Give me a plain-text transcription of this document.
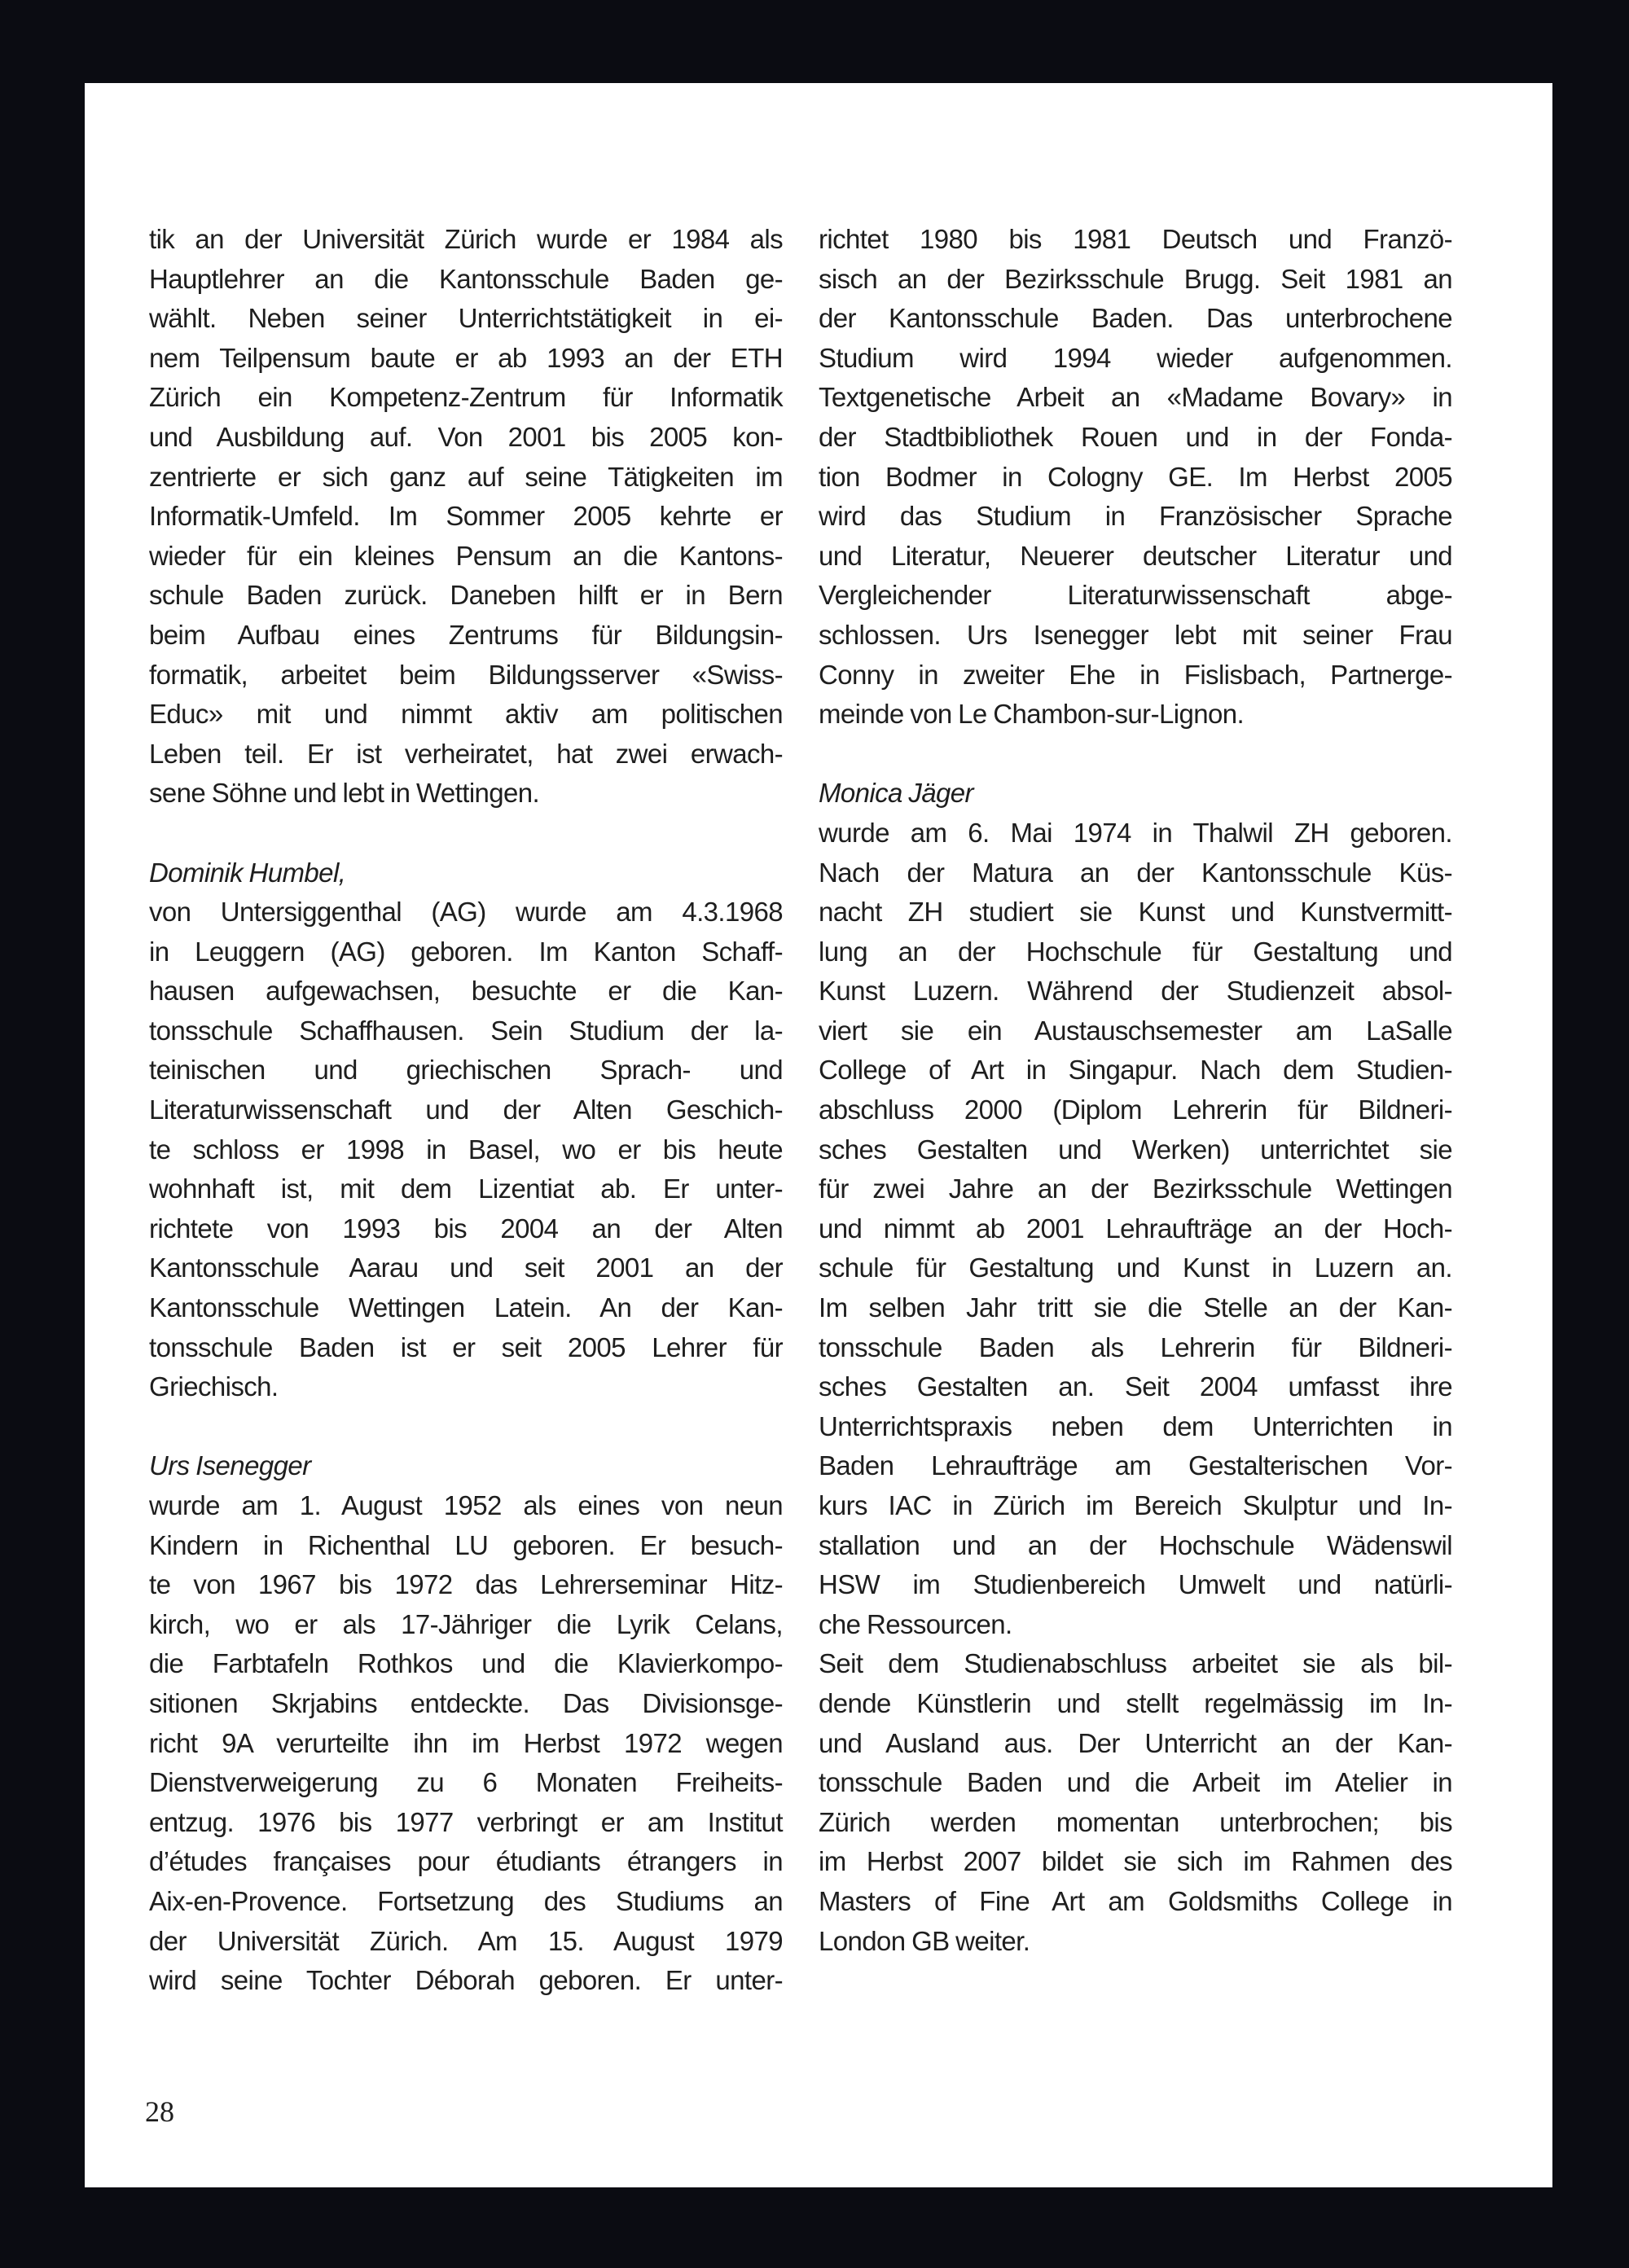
tik an der Universität Zürich wurde er 1984 als
Hauptlehrer an die Kantonsschule Baden ge-
wählt. Neben seiner Unterrichtstätigkeit in ei-
nem Teilpensum baute er ab 1993 an der ETH
Zürich ein Kompetenz-Zentrum für Informatik
und Ausbildung auf. Von 2001 bis 2005 kon-
zentrierte er sich ganz auf seine Tätigkeiten im
Informatik-Umfeld. Im Sommer 2005 kehrte er
wieder für ein kleines Pensum an die Kantons-
schule Baden zurück. Daneben hilft er in Bern
beim Aufbau eines Zentrums für Bildungsin-
formatik, arbeitet beim Bildungsserver «Swiss-
Educ» mit und nimmt aktiv am politischen
Leben teil. Er ist verheiratet, hat zwei erwach-
sene Söhne und lebt in Wettingen.
Dominik Humbel,
von Untersiggenthal (AG) wurde am 4.3.1968
in Leuggern (AG) geboren. Im Kanton Schaff-
hausen aufgewachsen, besuchte er die Kan-
tonsschule Schaffhausen. Sein Studium der la-
teinischen und griechischen Sprach- und
Literaturwissenschaft und der Alten Geschich-
te schloss er 1998 in Basel, wo er bis heute
wohnhaft ist, mit dem Lizentiat ab. Er unter-
richtete von 1993 bis 2004 an der Alten
Kantonsschule Aarau und seit 2001 an der
Kantonsschule Wettingen Latein. An der Kan-
tonsschule Baden ist er seit 2005 Lehrer für
Griechisch.
Urs Isenegger
wurde am 1. August 1952 als eines von neun
Kindern in Richenthal LU geboren. Er besuch-
te von 1967 bis 1972 das Lehrerseminar Hitz-
kirch, wo er als 17-Jähriger die Lyrik Celans,
die Farbtafeln Rothkos und die Klavierkompo-
sitionen Skrjabins entdeckte. Das Divisionsge-
richt 9A verurteilte ihn im Herbst 1972 wegen
Dienstverweigerung zu 6 Monaten Freiheits-
entzug. 1976 bis 1977 verbringt er am Institut
d’études françaises pour étudiants étrangers in
Aix-en-Provence. Fortsetzung des Studiums an
der Universität Zürich. Am 15. August 1979
wird seine Tochter Déborah geboren. Er unter-
richtet 1980 bis 1981 Deutsch und Franzö-
sisch an der Bezirksschule Brugg. Seit 1981 an
der Kantonsschule Baden. Das unterbrochene
Studium wird 1994 wieder aufgenommen.
Textgenetische Arbeit an «Madame Bovary» in
der Stadtbibliothek Rouen und in der Fonda-
tion Bodmer in Cologny GE. Im Herbst 2005
wird das Studium in Französischer Sprache
und Literatur, Neuerer deutscher Literatur und
Vergleichender Literaturwissenschaft abge-
schlossen. Urs Isenegger lebt mit seiner Frau
Conny in zweiter Ehe in Fislisbach, Partnerge-
meinde von Le Chambon-sur-Lignon.
Monica Jäger
wurde am 6. Mai 1974 in Thalwil ZH geboren.
Nach der Matura an der Kantonsschule Küs-
nacht ZH studiert sie Kunst und Kunstvermitt-
lung an der Hochschule für Gestaltung und
Kunst Luzern. Während der Studienzeit absol-
viert sie ein Austauschsemester am LaSalle
College of Art in Singapur. Nach dem Studien-
abschluss 2000 (Diplom Lehrerin für Bildneri-
sches Gestalten und Werken) unterrichtet sie
für zwei Jahre an der Bezirksschule Wettingen
und nimmt ab 2001 Lehraufträge an der Hoch-
schule für Gestaltung und Kunst in Luzern an.
Im selben Jahr tritt sie die Stelle an der Kan-
tonsschule Baden als Lehrerin für Bildneri-
sches Gestalten an. Seit 2004 umfasst ihre
Unterrichtspraxis neben dem Unterrichten in
Baden Lehraufträge am Gestalterischen Vor-
kurs IAC in Zürich im Bereich Skulptur und In-
stallation und an der Hochschule Wädenswil
HSW im Studienbereich Umwelt und natürli-
che Ressourcen.
Seit dem Studienabschluss arbeitet sie als bil-
dende Künstlerin und stellt regelmässig im In-
und Ausland aus. Der Unterricht an der Kan-
tonsschule Baden und die Arbeit im Atelier in
Zürich werden momentan unterbrochen; bis
im Herbst 2007 bildet sie sich im Rahmen des
Masters of Fine Art am Goldsmiths College in
London GB weiter.
28
